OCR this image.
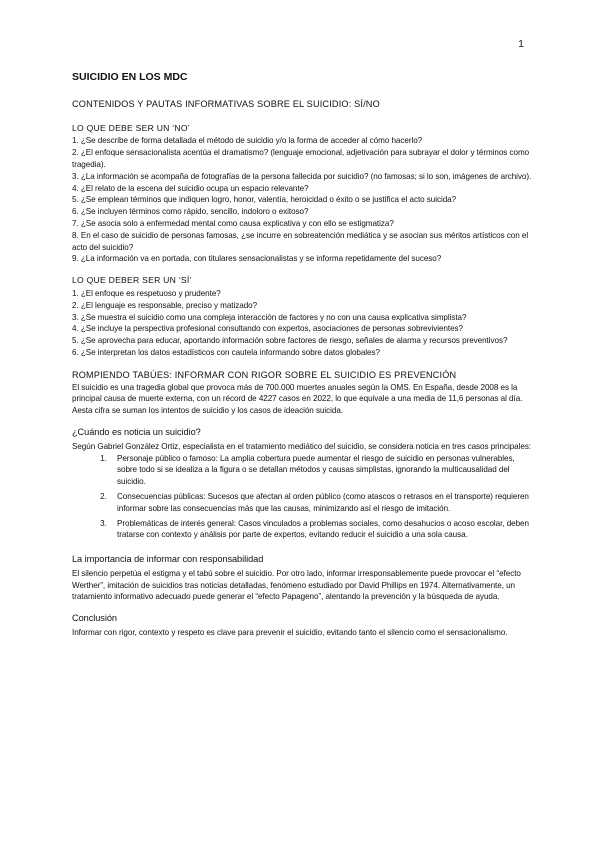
1
SUICIDIO EN LOS MDC
CONTENIDOS Y PAUTAS INFORMATIVAS SOBRE EL SUICIDIO: SÍ/NO
LO QUE DEBE SER UN ‘NO’

1. ¿Se describe de forma detallada el método de suicidio y/o la forma de acceder al cómo hacerlo?

2. ¿El enfoque sensacionalista acentúa el dramatismo? (lenguaje emocional, adjetivación para subrayar el dolor y términos como tragedia).

3. ¿La información se acompaña de fotografías de la persona fallecida por suicidio? (no famosas; si lo son, imágenes de archivo).

4. ¿El relato de la escena del suicidio ocupa un espacio relevante?

5. ¿Se emplean términos que indiquen logro, honor, valentía, heroicidad o éxito o se justifica el acto suicida?

6. ¿Se incluyen términos como rápido, sencillo, indoloro o exitoso?

7. ¿Se asocia solo a enfermedad mental como causa explicativa y con ello se estigmatiza?

8. En el caso de suicidio de personas famosas, ¿se incurre en sobreatención mediática y se asocian sus méritos artísticos con el acto del suicidio?

9. ¿La información va en portada, con titulares sensacionalistas y se informa repetidamente del suceso?

LO QUE DEBER SER UN ‘SÍ’

1. ¿El enfoque es respetuoso y prudente?

2. ¿El lenguaje es responsable, preciso y matizado?

3. ¿Se muestra el suicidio como una compleja interacción de factores y no con una causa explicativa simplista?

4. ¿Se incluye la perspectiva profesional consultando con expertos, asociaciones de personas sobrevivientes?

5. ¿Se aprovecha para educar, aportando información sobre factores de riesgo, señales de alarma y recursos preventivos?

6. ¿Se interpretan los datos estadísticos con cautela informando sobre datos globales?

ROMPIENDO TABÚES: INFORMAR CON RIGOR SOBRE EL SUICIDIO ES PREVENCIÓN

El suicidio es una tragedia global que provoca más de 700.000 muertes anuales según la OMS. En España, desde 2008 es la principal causa de muerte externa, con un récord de 4227 casos en 2022, lo que equivale a una media de 11,6 personas al día. Aesta cifra se suman los intentos de suicidio y los casos de ideación suicida.

¿Cuándo es noticia un suicidio?

Según Gabriel González Ortiz, especialista en el tratamiento mediático del suicidio, se considera noticia en tres casos principales:

1. Personaje público o famoso: La amplia cobertura puede aumentar el riesgo de suicidio en personas vulnerables, sobre todo si se idealiza a la figura o se detallan métodos y causas simplistas, ignorando la multicausalidad del suicidio.
2. Consecuencias públicas: Sucesos que afectan al orden público (como atascos o retrasos en el transporte) requieren informar sobre las consecuencias más que las causas, minimizando así el riesgo de imitación.
3. Problemáticas de interés general: Casos vinculados a problemas sociales, como desahucios o acoso escolar, deben tratarse con contexto y análisis por parte de expertos, evitando reducir el suicidio a una sola causa.
La importancia de informar con responsabilidad

El silencio perpetúa el estigma y el tabú sobre el suicidio. Por otro lado, informar irresponsablemente puede provocar el “efecto Werther”, imitación de suicidios tras noticias detalladas, fenómeno estudiado por David Phillips en 1974. Alternativamente, un tratamiento informativo adecuado puede generar el “efecto Papageno”, alentando la prevención y la búsqueda de ayuda.

Conclusión

Informar con rigor, contexto y respeto es clave para prevenir el suicidio, evitando tanto el silencio como el sensacionalismo.
